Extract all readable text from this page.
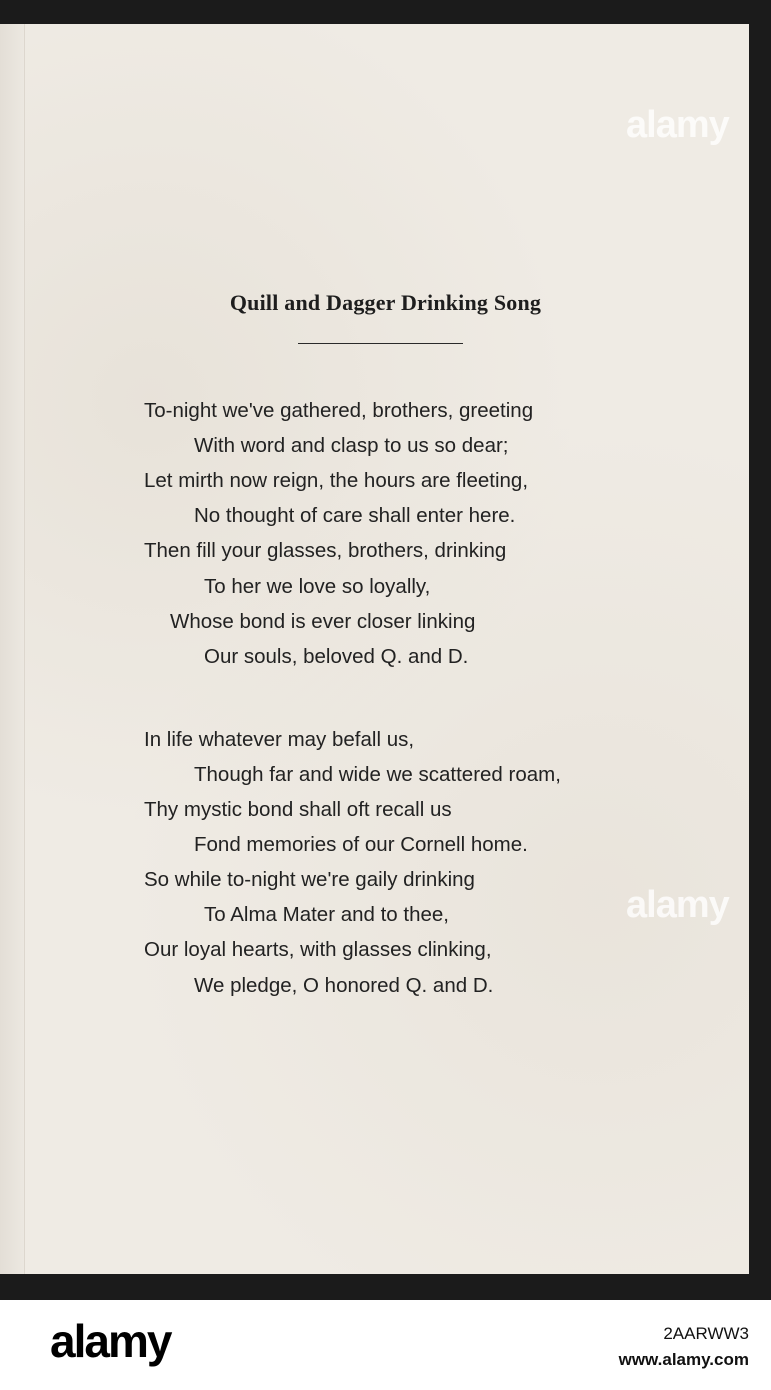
Quill and Dagger Drinking Song
To-night we've gathered, brothers, greeting
With word and clasp to us so dear;
Let mirth now reign, the hours are fleeting,
No thought of care shall enter here.
Then fill your glasses, brothers, drinking
To her we love so loyally,
Whose bond is ever closer linking
Our souls, beloved Q. and D.
In life whatever may befall us,
Though far and wide we scattered roam,
Thy mystic bond shall oft recall us
Fond memories of our Cornell home.
So while to-night we're gaily drinking
To Alma Mater and to thee,
Our loyal hearts, with glasses clinking,
We pledge, O honored Q. and D.
alamy
alamy
alamy	2AARWW3
www.alamy.com
